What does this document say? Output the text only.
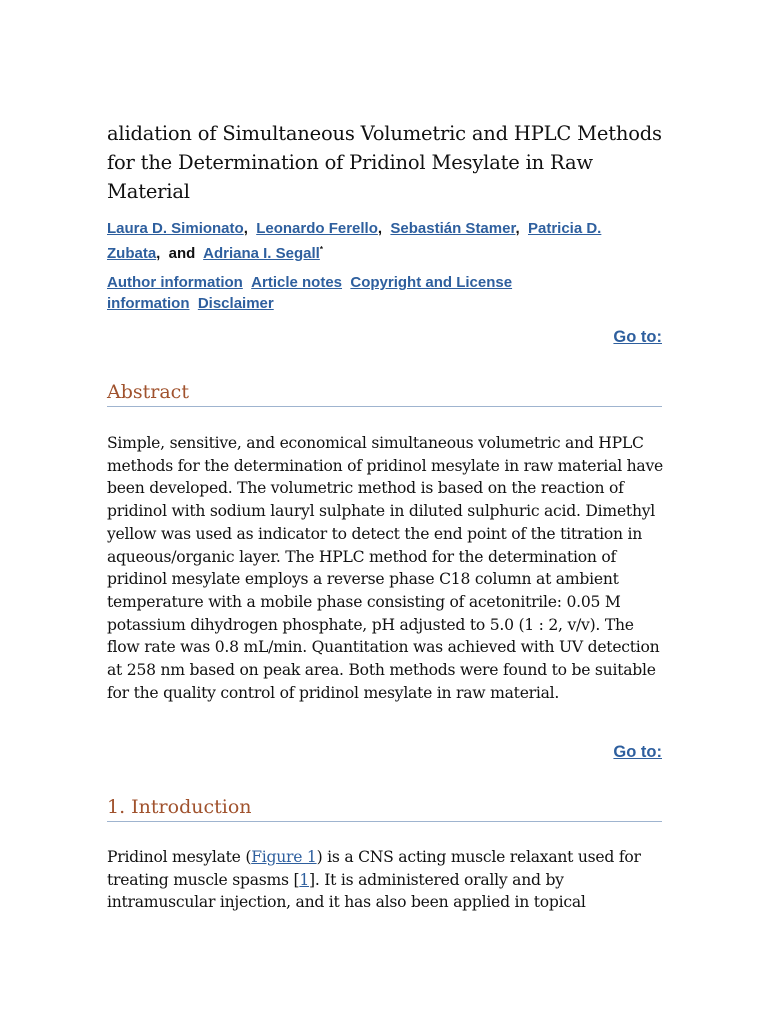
alidation of Simultaneous Volumetric and HPLC Methods for the Determination of Pridinol Mesylate in Raw Material
Laura D. Simionato,  Leonardo Ferello,  Sebastián Stamer,  Patricia D. Zubata,  and  Adriana I. Segall*
Author information Article notes Copyright and License information Disclaimer
Go to:
Abstract

Simple, sensitive, and economical simultaneous volumetric and HPLC methods for the determination of pridinol mesylate in raw material have been developed. The volumetric method is based on the reaction of pridinol with sodium lauryl sulphate in diluted sulphuric acid. Dimethyl yellow was used as indicator to detect the end point of the titration in aqueous/organic layer. The HPLC method for the determination of pridinol mesylate employs a reverse phase C18 column at ambient temperature with a mobile phase consisting of acetonitrile: 0.05 M potassium dihydrogen phosphate, pH adjusted to 5.0 (1 : 2, v/v). The flow rate was 0.8 mL/min. Quantitation was achieved with UV detection at 258 nm based on peak area. Both methods were found to be suitable for the quality control of pridinol mesylate in raw material.

Go to:
1. Introduction

Pridinol mesylate (Figure 1) is a CNS acting muscle relaxant used for treating muscle spasms [1]. It is administered orally and by intramuscular injection, and it has also been applied in topical
